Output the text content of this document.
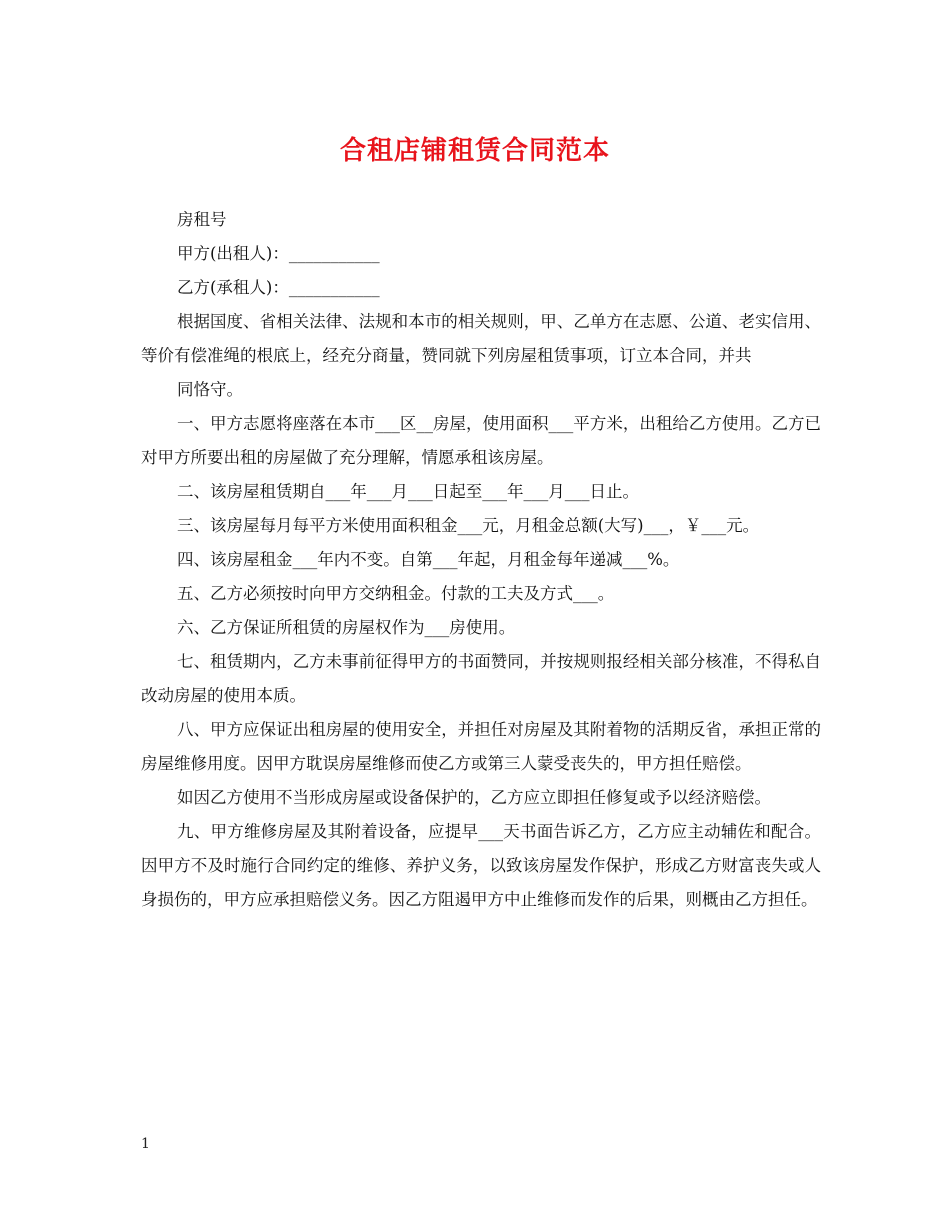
合租店铺租赁合同范本

房租号

甲方(出租人)：___________

乙方(承租人)：___________

根据国度、省相关法律、法规和本市的相关规则，甲、乙单方在志愿、公道、老实信用、等价有偿准绳的根底上，经充分商量，赞同就下列房屋租赁事项，订立本合同，并共

同恪守。

一、甲方志愿将座落在本市___区__房屋，使用面积___平方米，出租给乙方使用。乙方已对甲方所要出租的房屋做了充分理解，情愿承租该房屋。

二、该房屋租赁期自___年___月___日起至___年___月___日止。

三、该房屋每月每平方米使用面积租金___元，月租金总额(大写)___，￥___元。

四、该房屋租金___年内不变。自第___年起，月租金每年递减___%。

五、乙方必须按时向甲方交纳租金。付款的工夫及方式___。

六、乙方保证所租赁的房屋权作为___房使用。

七、租赁期内，乙方未事前征得甲方的书面赞同，并按规则报经相关部分核准，不得私自改动房屋的使用本质。

八、甲方应保证出租房屋的使用安全，并担任对房屋及其附着物的活期反省，承担正常的房屋维修用度。因甲方耽误房屋维修而使乙方或第三人蒙受丧失的，甲方担任赔偿。

如因乙方使用不当形成房屋或设备保护的，乙方应立即担任修复或予以经济赔偿。

九、甲方维修房屋及其附着设备，应提早___天书面告诉乙方，乙方应主动辅佐和配合。因甲方不及时施行合同约定的维修、养护义务，以致该房屋发作保护，形成乙方财富丧失或人身损伤的，甲方应承担赔偿义务。因乙方阻遏甲方中止维修而发作的后果，则概由乙方担任。

1
